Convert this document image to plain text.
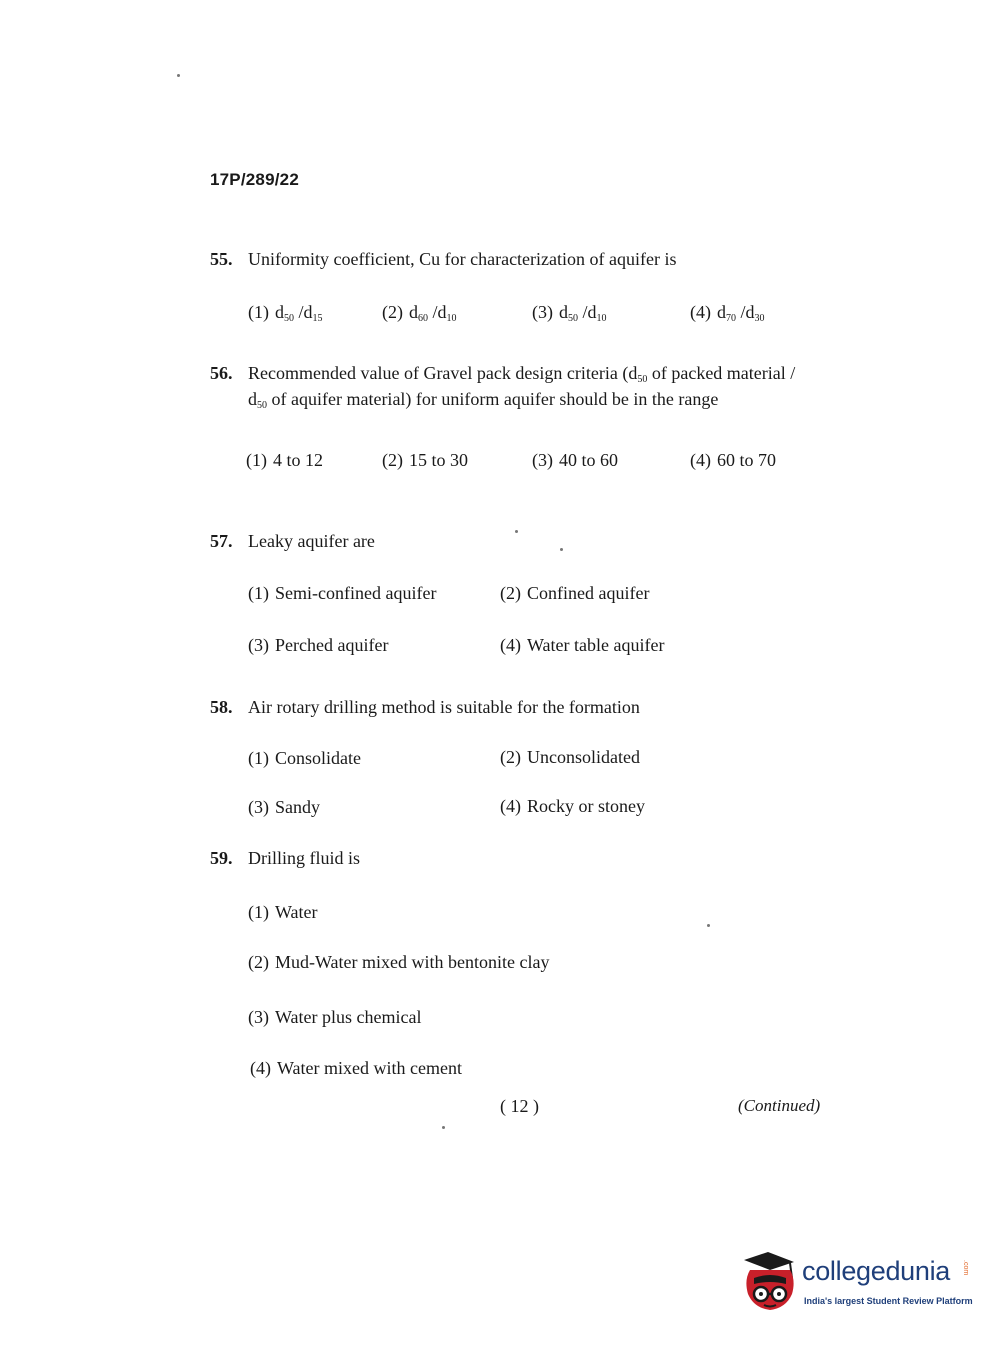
17P/289/22
55. Uniformity coefficient, Cu for characterization of aquifer is
(1) $d_{50}$ $/d_{15}$	(2) $d_{60}$ $/d_{10}$	(3) $d_{50}$ $/d_{10}$	(4) $d_{70}$ $/d_{30}$
56. Recommended value of Gravel pack design criteria ($d_{50}$ of packed material /
$d_{50}$ of aquifer material) for uniform aquifer should be in the range
(1) 4 to 12	(2) 15 to 30	(3) 40 to 60	(4) 60 to 70
57. Leaky aquifer are
(1) Semi-confined aquifer	(2) Confined aquifer
(3) Perched aquifer	(4) Water table aquifer
58. Air rotary drilling method is suitable for the formation
(1) Consolidate	(2) Unconsolidated
(3) Sandy	(4) Rocky or stoney
59. Drilling fluid is
(1) Water
(2) Mud-Water mixed with bentonite clay
(3) Water plus chemical
(4) Water mixed with cement
( 12 )	(Continued)
collegedunia .com
India's largest Student Review Platform
